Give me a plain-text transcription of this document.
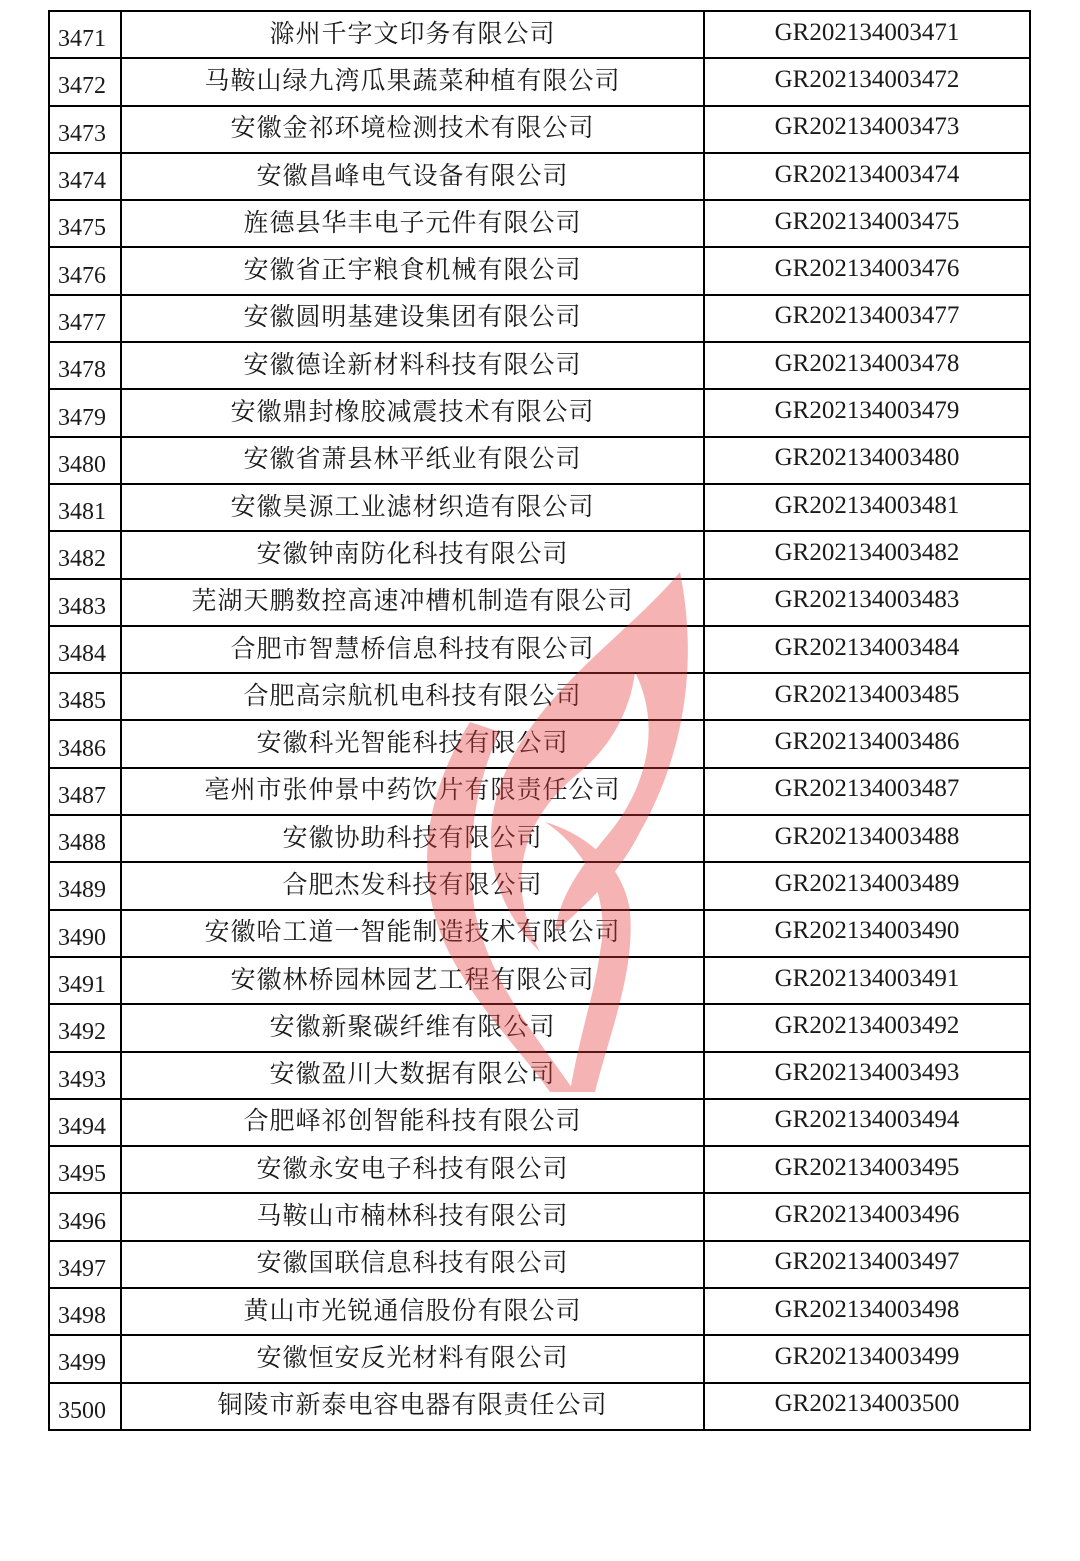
3471	滁州千字文印务有限公司	GR202134003471
3472	马鞍山绿九湾瓜果蔬菜种植有限公司	GR202134003472
3473	安徽金祁环境检测技术有限公司	GR202134003473
3474	安徽昌峰电气设备有限公司	GR202134003474
3475	旌德县华丰电子元件有限公司	GR202134003475
3476	安徽省正宇粮食机械有限公司	GR202134003476
3477	安徽圆明基建设集团有限公司	GR202134003477
3478	安徽德诠新材料科技有限公司	GR202134003478
3479	安徽鼎封橡胶减震技术有限公司	GR202134003479
3480	安徽省萧县林平纸业有限公司	GR202134003480
3481	安徽昊源工业滤材织造有限公司	GR202134003481
3482	安徽钟南防化科技有限公司	GR202134003482
3483	芜湖天鹏数控高速冲槽机制造有限公司	GR202134003483
3484	合肥市智慧桥信息科技有限公司	GR202134003484
3485	合肥高宗航机电科技有限公司	GR202134003485
3486	安徽科光智能科技有限公司	GR202134003486
3487	亳州市张仲景中药饮片有限责任公司	GR202134003487
3488	安徽协助科技有限公司	GR202134003488
3489	合肥杰发科技有限公司	GR202134003489
3490	安徽哈工道一智能制造技术有限公司	GR202134003490
3491	安徽林桥园林园艺工程有限公司	GR202134003491
3492	安徽新聚碳纤维有限公司	GR202134003492
3493	安徽盈川大数据有限公司	GR202134003493
3494	合肥峄祁创智能科技有限公司	GR202134003494
3495	安徽永安电子科技有限公司	GR202134003495
3496	马鞍山市楠林科技有限公司	GR202134003496
3497	安徽国联信息科技有限公司	GR202134003497
3498	黄山市光锐通信股份有限公司	GR202134003498
3499	安徽恒安反光材料有限公司	GR202134003499
3500	铜陵市新泰电容电器有限责任公司	GR202134003500
